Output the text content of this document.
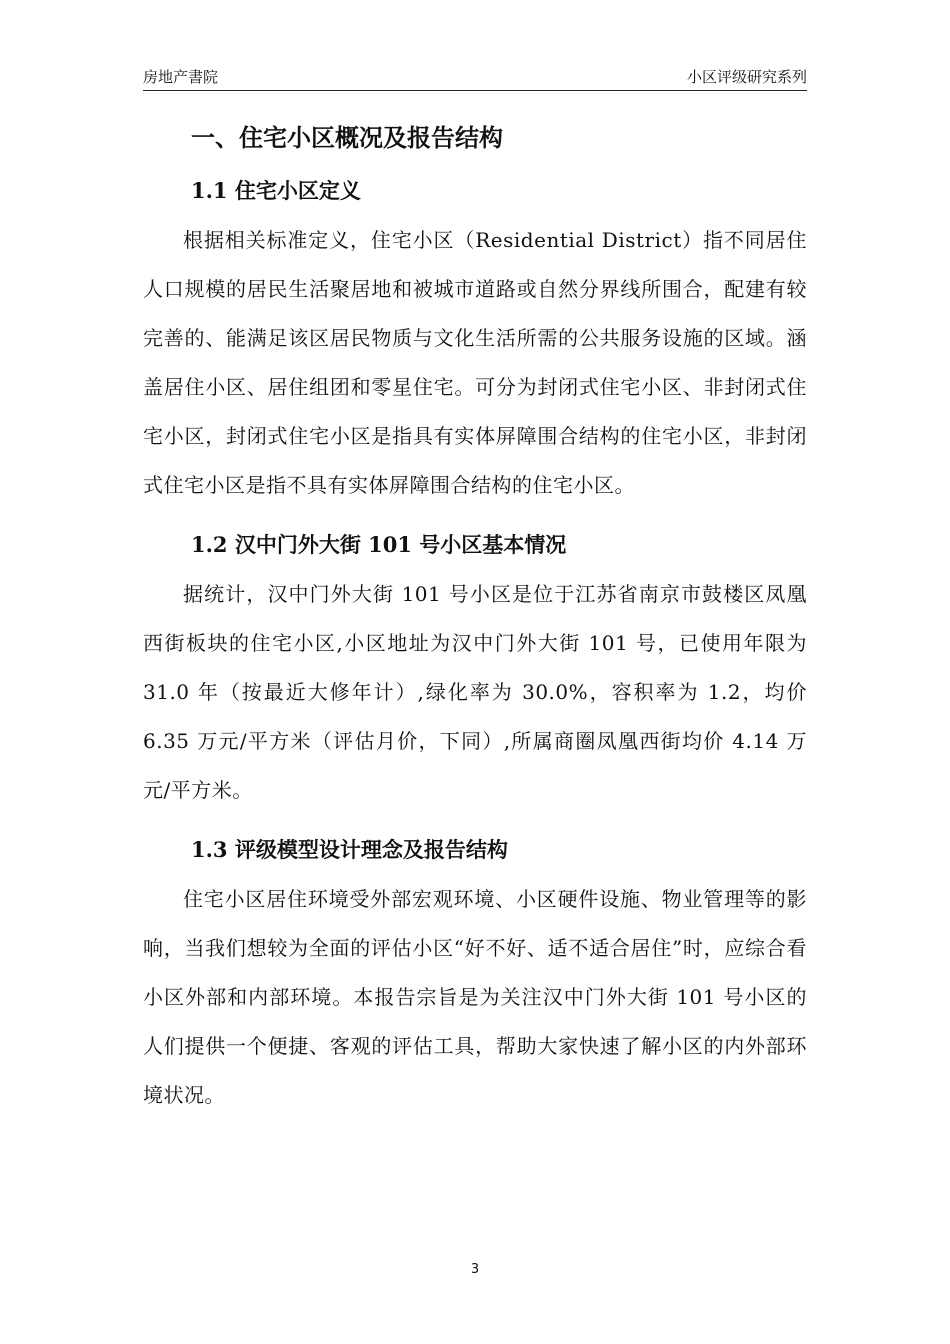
房地产書院	小区评级研究系列
一、住宅小区概况及报告结构
1.1 住宅小区定义

根据相关标准定义，住宅小区（Residential District）指不同居住人口规模的居民生活聚居地和被城市道路或自然分界线所围合，配建有较完善的、能满足该区居民物质与文化生活所需的公共服务设施的区域。涵盖居住小区、居住组团和零星住宅。可分为封闭式住宅小区、非封闭式住宅小区，封闭式住宅小区是指具有实体屏障围合结构的住宅小区，非封闭式住宅小区是指不具有实体屏障围合结构的住宅小区。

1.2 汉中门外大街 101 号小区基本情况

据统计，汉中门外大街 101 号小区是位于江苏省南京市鼓楼区凤凰西街板块的住宅小区,小区地址为汉中门外大街 101 号，已使用年限为 31.0 年（按最近大修年计）,绿化率为 30.0%，容积率为 1.2，均价 6.35 万元/平方米（评估月价，下同）,所属商圈凤凰西街均价 4.14 万元/平方米。

1.3 评级模型设计理念及报告结构

住宅小区居住环境受外部宏观环境、小区硬件设施、物业管理等的影响，当我们想较为全面的评估小区“好不好、适不适合居住”时，应综合看小区外部和内部环境。本报告宗旨是为关注汉中门外大街 101 号小区的人们提供一个便捷、客观的评估工具，帮助大家快速了解小区的内外部环境状况。

3
